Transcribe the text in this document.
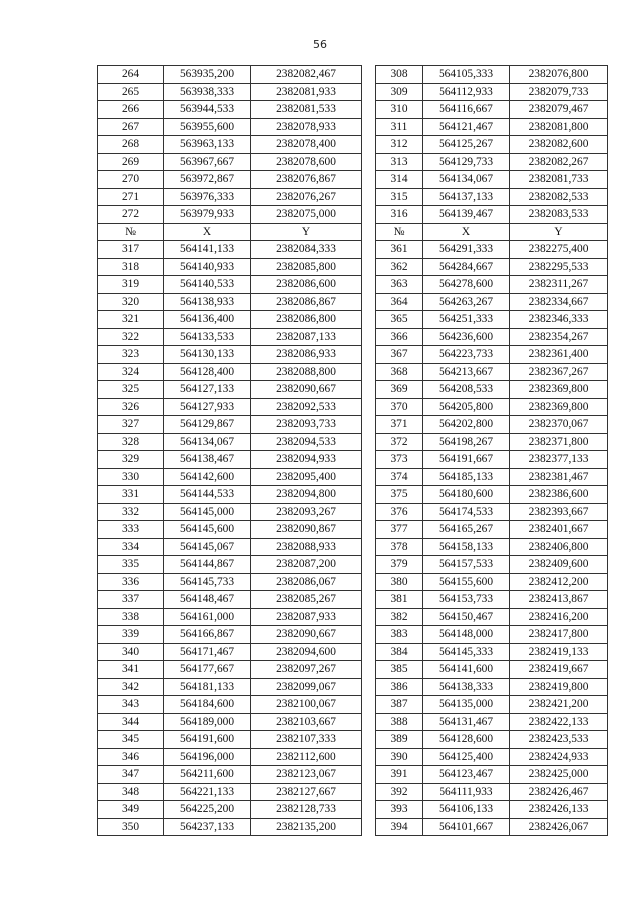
56
264	563935,200	2382082,467		308	564105,333	2382076,800
265	563938,333	2382081,933		309	564112,933	2382079,733
266	563944,533	2382081,533		310	564116,667	2382079,467
267	563955,600	2382078,933		311	564121,467	2382081,800
268	563963,133	2382078,400		312	564125,267	2382082,600
269	563967,667	2382078,600		313	564129,733	2382082,267
270	563972,867	2382076,867		314	564134,067	2382081,733
271	563976,333	2382076,267		315	564137,133	2382082,533
272	563979,933	2382075,000		316	564139,467	2382083,533
№	X	Y		№	X	Y
317	564141,133	2382084,333		361	564291,333	2382275,400
318	564140,933	2382085,800		362	564284,667	2382295,533
319	564140,533	2382086,600		363	564278,600	2382311,267
320	564138,933	2382086,867		364	564263,267	2382334,667
321	564136,400	2382086,800		365	564251,333	2382346,333
322	564133,533	2382087,133		366	564236,600	2382354,267
323	564130,133	2382086,933		367	564223,733	2382361,400
324	564128,400	2382088,800		368	564213,667	2382367,267
325	564127,133	2382090,667		369	564208,533	2382369,800
326	564127,933	2382092,533		370	564205,800	2382369,800
327	564129,867	2382093,733		371	564202,800	2382370,067
328	564134,067	2382094,533		372	564198,267	2382371,800
329	564138,467	2382094,933		373	564191,667	2382377,133
330	564142,600	2382095,400		374	564185,133	2382381,467
331	564144,533	2382094,800		375	564180,600	2382386,600
332	564145,000	2382093,267		376	564174,533	2382393,667
333	564145,600	2382090,867		377	564165,267	2382401,667
334	564145,067	2382088,933		378	564158,133	2382406,800
335	564144,867	2382087,200		379	564157,533	2382409,600
336	564145,733	2382086,067		380	564155,600	2382412,200
337	564148,467	2382085,267		381	564153,733	2382413,867
338	564161,000	2382087,933		382	564150,467	2382416,200
339	564166,867	2382090,667		383	564148,000	2382417,800
340	564171,467	2382094,600		384	564145,333	2382419,133
341	564177,667	2382097,267		385	564141,600	2382419,667
342	564181,133	2382099,067		386	564138,333	2382419,800
343	564184,600	2382100,067		387	564135,000	2382421,200
344	564189,000	2382103,667		388	564131,467	2382422,133
345	564191,600	2382107,333		389	564128,600	2382423,533
346	564196,000	2382112,600		390	564125,400	2382424,933
347	564211,600	2382123,067		391	564123,467	2382425,000
348	564221,133	2382127,667		392	564111,933	2382426,467
349	564225,200	2382128,733		393	564106,133	2382426,133
350	564237,133	2382135,200		394	564101,667	2382426,067
